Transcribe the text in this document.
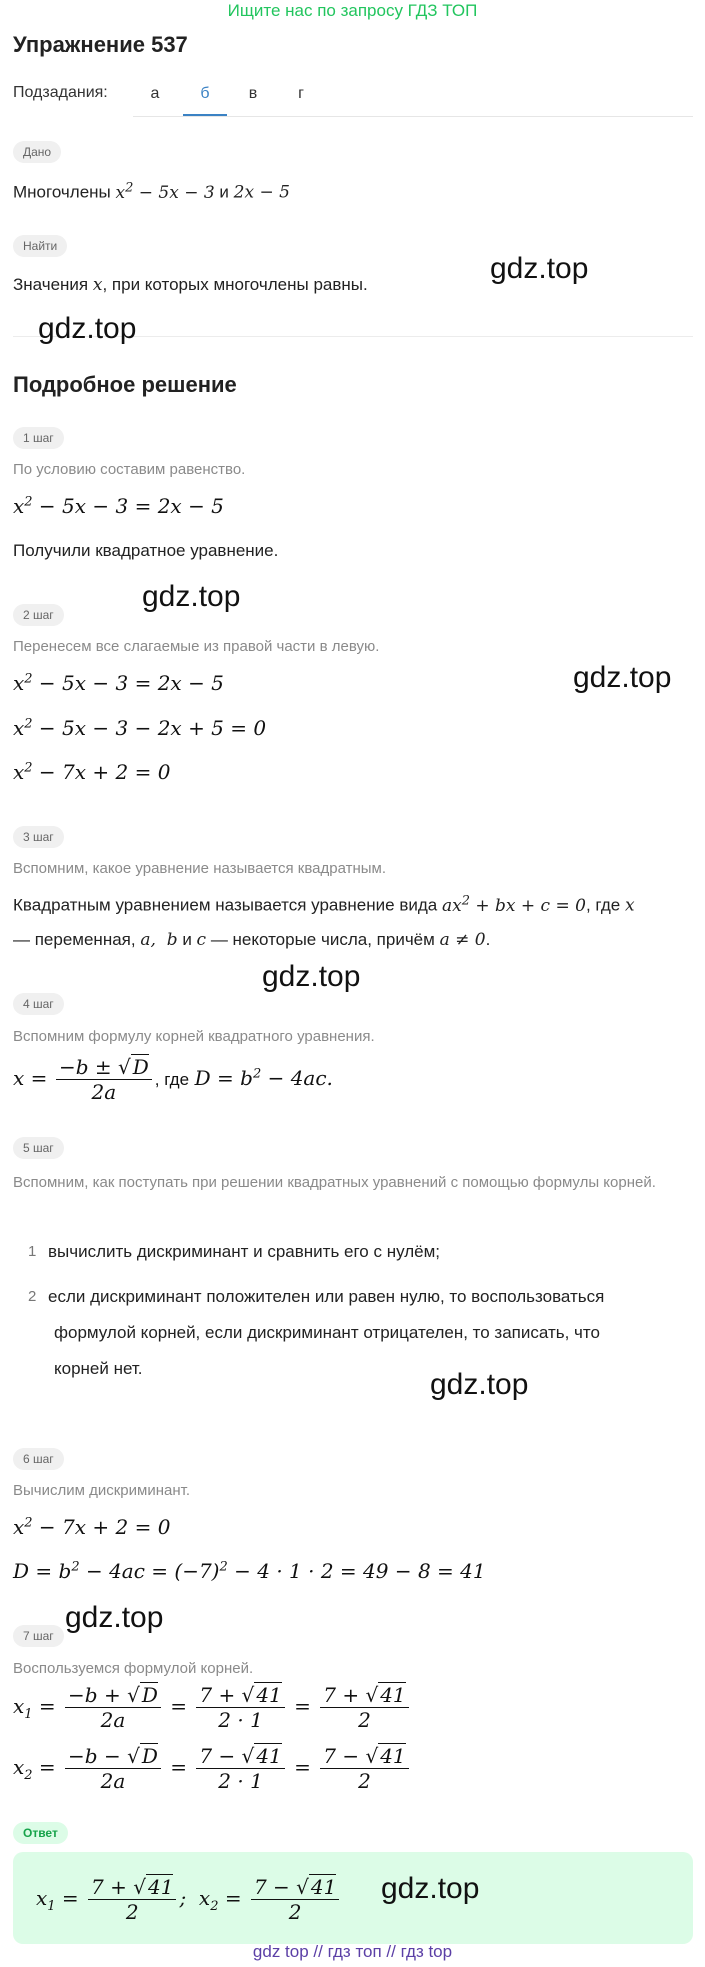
Ищите нас по запросу ГДЗ ТОП
Упражнение 537
Подзадания:	а	б	в	г
Дано
Многочлены $x^2 - 5x - 3$ и 2x − 5
Найти
Значения x, при которых многочлены равны.
Подробное решение
1 шаг
По условию составим равенство.
$x^2 - 5x - 3 = 2x - 5$
Получили квадратное уравнение.
2 шаг
Перенесем все слагаемые из правой части в левую.
$x^2 - 5x - 3 = 2x - 5$
$x^2 - 5x - 3 - 2x + 5 = 0$
$x^2 - 7x + 2 = 0$
3 шаг
Вспомним, какое уравнение называется квадратным.
Квадратным уравнением называется уравнение вида $ax^2$ + bx + c = 0, где x
— переменная, a,  b и c — некоторые числа, причём a ≠ 0.
4 шаг
Вспомним формулу корней квадратного уравнения.
$x = \frac{-b \pm √ D}{2a}$ , где $D = b^2 - 4ac$.
5 шаг
Вспомним, как поступать при решении квадратных уравнений с помощью формулы корней.
1 вычислить дискриминант и сравнить его с нулём;
2 если дискриминант положителен или равен нулю, то воспользоваться
формулой корней, если дискриминант отрицателен, то записать, что
корней нет.
6 шаг
Вычислим дискриминант.
$x^2 - 7x + 2 = 0$
$D = b^2 - 4ac = (-7)^2 - 4 \cdot 1 \cdot 2 = 49 - 8 = 41$
7 шаг
Воспользуемся формулой корней.
$x_1 = \frac{-b + √ D}{2a} = \frac{7 + √ 41}{2 \cdot 1} = \frac{7 + √ 41}{2}$
$x_2 = \frac{-b - √ D}{2a} = \frac{7 - √ 41}{2 \cdot 1} = \frac{7 - √ 41}{2}$
Ответ
$x_1 = \frac{7 + √ 41}{2}$ ;  $x_2 = \frac{7 - √ 41}{2}$
gdz.top
gdz.top
gdz.top
gdz.top
gdz.top
gdz.top
gdz.top
gdz.top
gdz top // гдз топ // гдз top
